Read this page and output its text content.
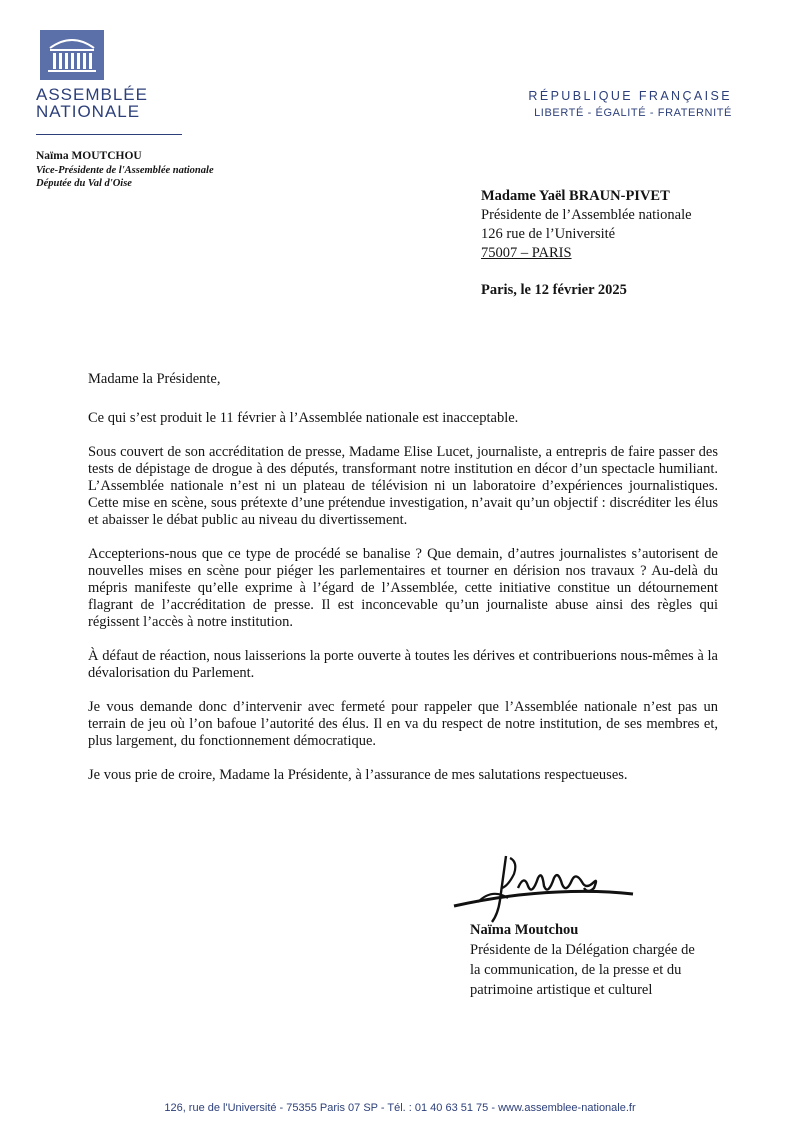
ASSEMBLÉE
NATIONALE
RÉPUBLIQUE FRANÇAISE
LIBERTÉ - ÉGALITÉ - FRATERNITÉ
Naïma MOUTCHOU
Vice-Présidente de l'Assemblée nationale
Députée du Val d'Oise
Madame Yaël BRAUN-PIVET
Présidente de l’Assemblée nationale
126 rue de l’Université
75007 – PARIS
Paris, le 12 février 2025

Madame la Présidente,

Ce qui s’est produit le 11 février à l’Assemblée nationale est inacceptable.

Sous couvert de son accréditation de presse, Madame Elise Lucet, journaliste, a entrepris de faire passer des tests de dépistage de drogue à des députés, transformant notre institution en décor d’un spectacle humiliant. L’Assemblée nationale n’est ni un plateau de télévision ni un laboratoire d’expériences journalistiques. Cette mise en scène, sous prétexte d’une prétendue investigation, n’avait qu’un objectif : discréditer les élus et abaisser le débat public au niveau du divertissement.

Accepterions-nous que ce type de procédé se banalise ? Que demain, d’autres journalistes s’autorisent de nouvelles mises en scène pour piéger les parlementaires et tourner en dérision nos travaux ? Au-delà du mépris manifeste qu’elle exprime à l’égard de l’Assemblée, cette initiative constitue un détournement flagrant de l’accréditation de presse. Il est inconcevable qu’un journaliste abuse ainsi des règles qui régissent l’accès à notre institution.

À défaut de réaction, nous laisserions la porte ouverte à toutes les dérives et contribuerions nous-mêmes à la dévalorisation du Parlement.

Je vous demande donc d’intervenir avec fermeté pour rappeler que l’Assemblée nationale n’est pas un terrain de jeu où l’on bafoue l’autorité des élus. Il en va du respect de notre institution, de ses membres et, plus largement, du fonctionnement démocratique.

Je vous prie de croire, Madame la Présidente, à l’assurance de mes salutations respectueuses.

Naïma Moutchou
Présidente de la Délégation chargée de
la communication, de la presse et du
patrimoine artistique et culturel
126, rue de l'Université - 75355 Paris 07 SP - Tél. : 01 40 63 51 75 - www.assemblee-nationale.fr
